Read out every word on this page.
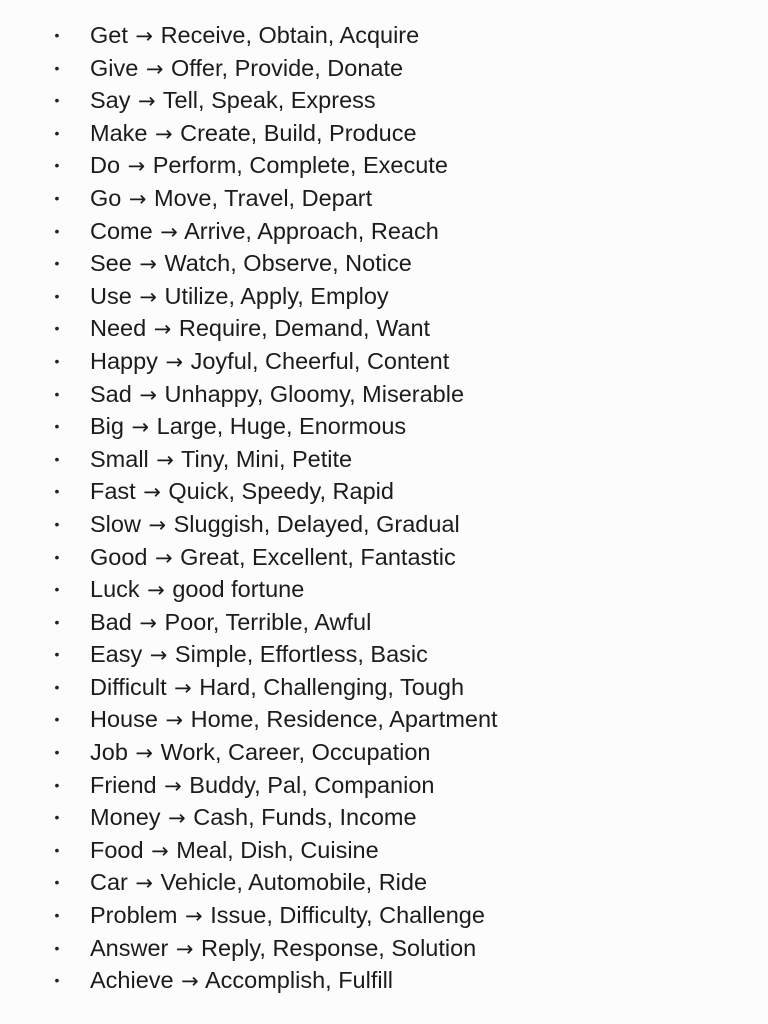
• Get → Receive, Obtain, Acquire
• Give → Offer, Provide, Donate
• Say → Tell, Speak, Express
• Make → Create, Build, Produce
• Do → Perform, Complete, Execute
• Go → Move, Travel, Depart
• Come → Arrive, Approach, Reach
• See → Watch, Observe, Notice
• Use → Utilize, Apply, Employ
• Need → Require, Demand, Want
• Happy → Joyful, Cheerful, Content
• Sad → Unhappy, Gloomy, Miserable
• Big → Large, Huge, Enormous
• Small → Tiny, Mini, Petite
• Fast → Quick, Speedy, Rapid
• Slow → Sluggish, Delayed, Gradual
• Good → Great, Excellent, Fantastic
• Luck → good fortune
• Bad → Poor, Terrible, Awful
• Easy → Simple, Effortless, Basic
• Difficult → Hard, Challenging, Tough
• House → Home, Residence, Apartment
• Job → Work, Career, Occupation
• Friend → Buddy, Pal, Companion
• Money → Cash, Funds, Income
• Food → Meal, Dish, Cuisine
• Car → Vehicle, Automobile, Ride
• Problem → Issue, Difficulty, Challenge
• Answer → Reply, Response, Solution
• Achieve → Accomplish, Fulfill
